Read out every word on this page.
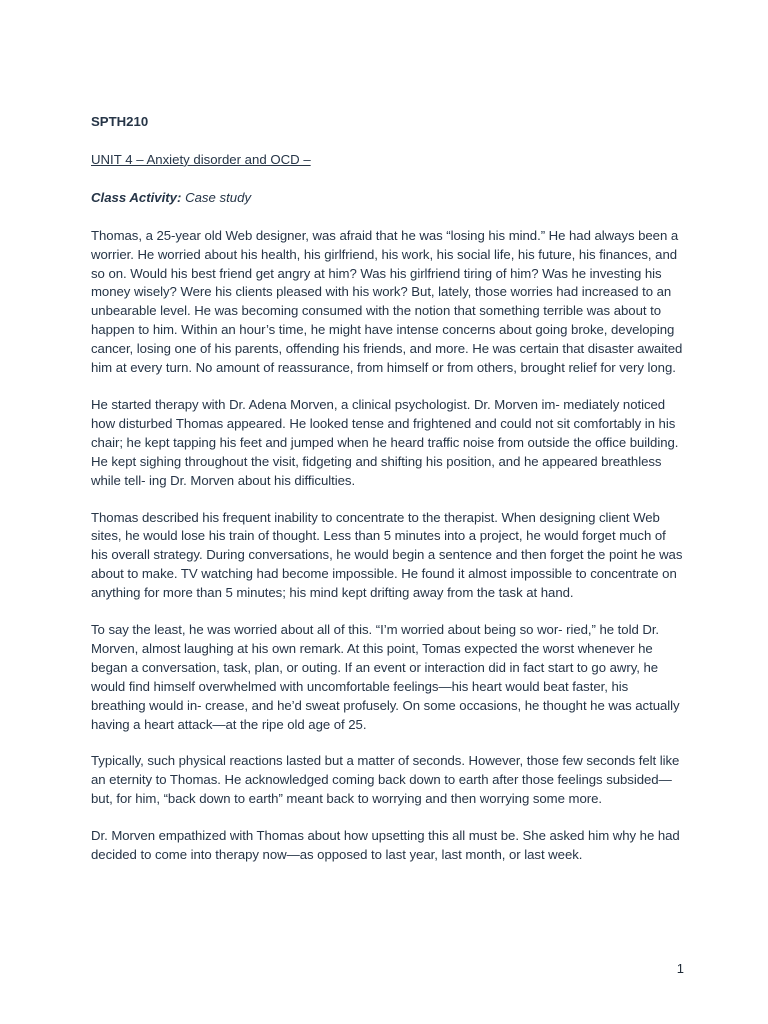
SPTH210
UNIT 4 – Anxiety disorder and OCD –
Class Activity: Case study

Thomas, a 25-year old Web designer, was afraid that he was “losing his mind.” He had always been a worrier. He worried about his health, his girlfriend, his work, his social life, his future, his finances, and so on. Would his best friend get angry at him? Was his girlfriend tiring of him? Was he investing his money wisely? Were his clients pleased with his work? But, lately, those worries had increased to an unbearable level. He was becoming consumed with the notion that something terrible was about to happen to him. Within an hour’s time, he might have intense concerns about going broke, developing cancer, losing one of his parents, offending his friends, and more. He was certain that disaster awaited him at every turn. No amount of reassurance, from himself or from others, brought relief for very long.

He started therapy with Dr. Adena Morven, a clinical psychologist. Dr. Morven im- mediately noticed how disturbed Thomas appeared. He looked tense and frightened and could not sit comfortably in his chair; he kept tapping his feet and jumped when he heard traffic noise from outside the office building. He kept sighing throughout the visit, fidgeting and shifting his position, and he appeared breathless while tell- ing Dr. Morven about his difficulties.

Thomas described his frequent inability to concentrate to the therapist. When designing client Web sites, he would lose his train of thought. Less than 5 minutes into a project, he would forget much of his overall strategy. During conversations, he would begin a sentence and then forget the point he was about to make. TV watching had become impossible. He found it almost impossible to concentrate on anything for more than 5 minutes; his mind kept drifting away from the task at hand.

To say the least, he was worried about all of this. “I’m worried about being so wor- ried,” he told Dr. Morven, almost laughing at his own remark. At this point, Tomas expected the worst whenever he began a conversation, task, plan, or outing. If an event or interaction did in fact start to go awry, he would find himself overwhelmed with uncomfortable feelings—his heart would beat faster, his breathing would in- crease, and he’d sweat profusely. On some occasions, he thought he was actually having a heart attack—at the ripe old age of 25.

Typically, such physical reactions lasted but a matter of seconds. However, those few seconds felt like an eternity to Thomas. He acknowledged coming back down to earth after those feelings subsided—but, for him, “back down to earth” meant back to worrying and then worrying some more.

Dr. Morven empathized with Thomas about how upsetting this all must be. She asked him why he had decided to come into therapy now—as opposed to last year, last month, or last week.

1
